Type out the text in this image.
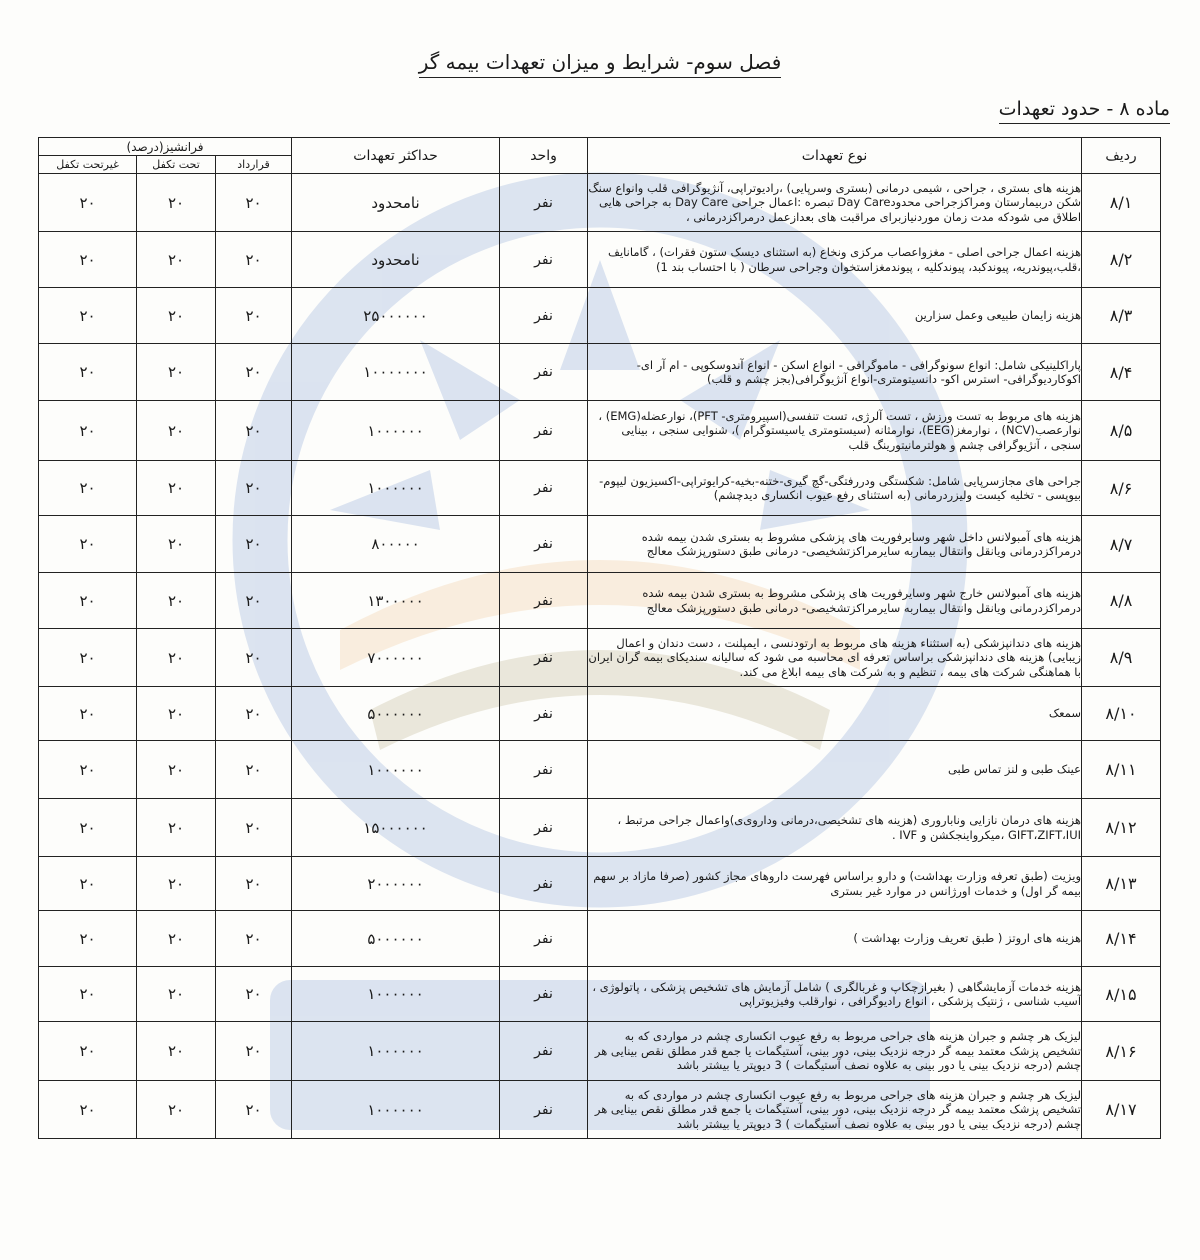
فصل سوم- شرایط و میزان تعهدات بیمه گر
ماده ۸ - حدود تعهدات
ردیف	نوع تعهدات	واحد	حداکثر تعهدات	فرانشیز(درصد)		
				قرارداد	تحت تکفل	غیرتحت تکفل

۸/۱	هزینه های بستری ، جراحی ، شیمی درمانی (بستری وسرپایی) ،رادیوتراپی، آنژیوگرافی قلب وانواع سنگ شکن دربیمارستان ومراکزجراحی محدودDay Care تبصره :اعمال جراحی Day Care به جراحی هایی اطلاق می شودکه مدت زمان موردنیازبرای مراقبت های بعدازعمل درمراکزدرمانی ،	نفر	نامحدود	۲۰	۲۰	۲۰
۸/۲	هزینه اعمال جراحی اصلی - مغزواعصاب مرکزی ونخاع (به استثنای دیسک ستون فقرات) ، گامانایف ،قلب،پیوندریه، پیوندکبد، پیوندکلیه ، پیوندمغزاستخوان وجراحی سرطان ( با احتساب بند 1)	نفر	نامحدود	۲۰	۲۰	۲۰
۸/۳	هزینه زایمان طبیعی وعمل سزارین	نفر	۲۵۰۰۰۰۰۰	۲۰	۲۰	۲۰
۸/۴	پاراکلینیکی شامل: انواع سونوگرافی - ماموگرافی - انواع اسکن - انواع آندوسکوپی - ام آر ای- اکوکاردیوگرافی- استرس اکو- دانسیتومتری-انواع آنژیوگرافی(بجز چشم و قلب)	نفر	۱۰۰۰۰۰۰۰	۲۰	۲۰	۲۰
۸/۵	هزینه های مربوط به تست ورزش ، تست آلرژی، تست تنفسی(اسپیرومتری- PFT)، نوارعضله(EMG) ، نوارعصب(NCV) ، نوارمغز(EEG)، نوارمثانه (سیستومتری یاسیستوگرام )، شنوایی سنجی ، بینایی سنجی ، آنژیوگرافی چشم و هولترمانیتورینگ قلب	نفر	۱۰۰۰۰۰۰	۲۰	۲۰	۲۰
۸/۶	جراحی های مجازسرپایی شامل: شکستگی ودررفتگی-گچ گیری-ختنه-بخیه-کرایوتراپی-اکسیزیون لیپوم-بیوپسی - تخلیه کیست ولیزردرمانی (به استثنای رفع عیوب انکساری دیدچشم)	نفر	۱۰۰۰۰۰۰	۲۰	۲۰	۲۰
۸/۷	هزینه های آمبولانس داخل شهر وسایرفوریت های پزشکی مشروط به بستری شدن بیمه شده درمراکزدرمانی ویانقل وانتقال بیماربه سایرمراکزتشخیصی- درمانی طبق دستورپزشک معالج	نفر	۸۰۰۰۰۰	۲۰	۲۰	۲۰
۸/۸	هزینه های آمبولانس خارج شهر وسایرفوریت های پزشکی مشروط به بستری شدن بیمه شده درمراکزدرمانی ویانقل وانتقال بیماربه سایرمراکزتشخیصی- درمانی طبق دستورپزشک معالج	نفر	۱۳۰۰۰۰۰	۲۰	۲۰	۲۰
۸/۹	هزینه های دندانپزشکی (به استثناء هزینه های مربوط به ارتودنسی ، ایمپلنت ، دست دندان و اعمال زیبایی) هزینه های دندانپزشکی براساس تعرفه ای محاسبه می شود که سالیانه سندیکای بیمه گران ایران با هماهنگی شرکت های بیمه ، تنظیم و به شرکت های بیمه ابلاغ می کند.	نفر	۷۰۰۰۰۰۰	۲۰	۲۰	۲۰
۸/۱۰	سمعک	نفر	۵۰۰۰۰۰۰	۲۰	۲۰	۲۰
۸/۱۱	عینک طبی و لنز تماس طبی	نفر	۱۰۰۰۰۰۰	۲۰	۲۰	۲۰
۸/۱۲	هزینه های درمان نازایی ونابارو‌ری (هزینه های تشخیصی،درمانی وداروی‌ی)واعمال جراحی مرتبط ، GIFT،ZIFT،IUI ،میکرواینجکشن و IVF .	نفر	۱۵۰۰۰۰۰۰	۲۰	۲۰	۲۰
۸/۱۳	ویزیت (طبق تعرفه وزارت بهداشت) و دارو براساس فهرست داروهای مجاز کشور (صرفا مازاد بر سهم بیمه گر اول) و خدمات اورژانس در موارد غیر بستری	نفر	۲۰۰۰۰۰۰	۲۰	۲۰	۲۰
۸/۱۴	هزینه های اروتز ( طبق تعریف وزارت بهداشت )	نفر	۵۰۰۰۰۰۰	۲۰	۲۰	۲۰
۸/۱۵	هزینه خدمات آزمایشگاهی ( بغیرازچکاپ و غربالگری ) شامل آزمایش های تشخیص پزشکی ، پاتولوژی ، آسیب شناسی ، ژنتیک پزشکی ، انواع رادیوگرافی ، نوارقلب وفیزیوتراپی	نفر	۱۰۰۰۰۰۰	۲۰	۲۰	۲۰
۸/۱۶	لیزیک هر چشم و جبران هزینه های جراحی مربوط به رفع عیوب انکساری چشم در مواردی که به تشخیص پزشک معتمد بیمه گر درجه نزدیک بینی، دور بینی، آستیگمات یا جمع قدر مطلق نقص بینایی هر چشم (درجه نزدیک بینی یا دور بینی به علاوه نصف آستیگمات ) 3 دیوپتر یا بیشتر باشد	نفر	۱۰۰۰۰۰۰	۲۰	۲۰	۲۰
۸/۱۷	لیزیک هر چشم و جبران هزینه های جراحی مربوط به رفع عیوب انکساری چشم در مواردی که به تشخیص پزشک معتمد بیمه گر درجه نزدیک بینی، دور بینی، آستیگمات یا جمع قدر مطلق نقص بینایی هر چشم (درجه نزدیک بینی یا دور بینی به علاوه نصف آستیگمات ) 3 دیوپتر یا بیشتر باشد	نفر	۱۰۰۰۰۰۰	۲۰	۲۰	۲۰
